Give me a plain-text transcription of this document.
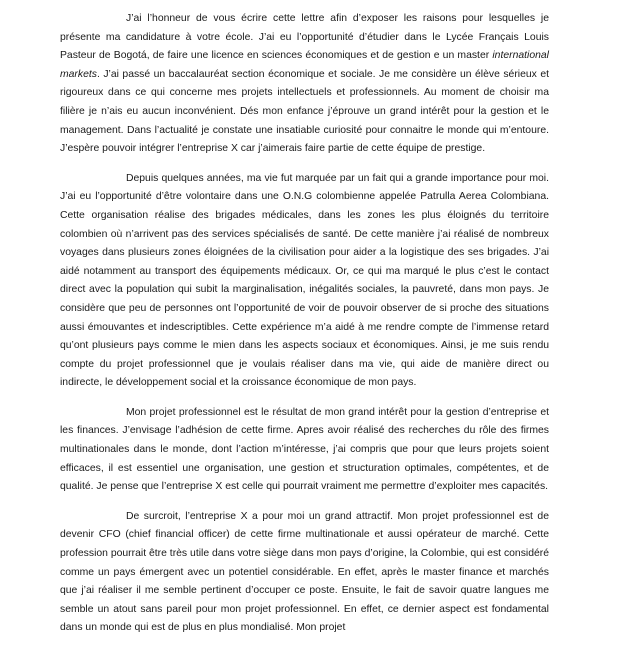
J’ai l’honneur de vous écrire cette lettre afin d’exposer les raisons pour lesquelles je présente ma candidature à votre école. J’ai eu l’opportunité d’étudier dans le Lycée Français Louis Pasteur de Bogotá, de faire une licence en sciences économiques et de gestion e un master international markets. J’ai passé un baccalauréat section économique et sociale. Je me considère un élève sérieux et rigoureux dans ce qui concerne mes projets intellectuels et professionnels. Au moment de choisir ma filière je n’ais eu aucun inconvénient. Dés mon enfance j’éprouve un grand intérêt pour la gestion et le management. Dans l’actualité je constate une insatiable curiosité pour connaitre le monde qui m’entoure. J’espère pouvoir intégrer l’entreprise X car j’aimerais faire partie de cette équipe de prestige.

Depuis quelques années, ma vie fut marquée par un fait qui a grande importance pour moi. J’ai eu l’opportunité d’être volontaire dans une O.N.G colombienne appelée Patrulla Aerea Colombiana. Cette organisation réalise des brigades médicales, dans les zones les plus éloignés du territoire colombien où n’arrivent pas des services spécialisés de santé. De cette manière j’ai réalisé de nombreux voyages dans plusieurs zones éloignées de la civilisation pour aider a la logistique des ses brigades. J’ai aidé notamment au transport des équipements médicaux. Or, ce qui ma marqué le plus c’est le contact direct avec la population qui subit la marginalisation, inégalités sociales, la pauvreté, dans mon pays. Je considère que peu de personnes ont l’opportunité de voir de pouvoir observer de si proche des situations aussi émouvantes et indescriptibles. Cette expérience m’a aidé à me rendre compte de l’immense retard qu’ont plusieurs pays comme le mien dans les aspects sociaux et économiques. Ainsi, je me suis rendu compte du projet professionnel que je voulais réaliser dans ma vie, qui aide de manière direct ou indirecte, le développement social et la croissance économique de mon pays.

Mon projet professionnel est le résultat de mon grand intérêt pour la gestion d’entreprise et les finances. J’envisage l’adhésion de cette firme. Apres avoir réalisé des recherches du rôle des firmes multinationales dans le monde, dont l’action m’intéresse, j’ai compris que pour que leurs projets soient efficaces, il est essentiel une organisation, une gestion et structuration optimales, compétentes, et de qualité. Je pense que l’entreprise X est celle qui pourrait vraiment me permettre d’exploiter mes capacités.

De surcroit, l’entreprise X a pour moi un grand attractif. Mon projet professionnel est de devenir CFO (chief financial officer) de cette firme multinationale et aussi opérateur de marché. Cette profession pourrait être très utile dans votre siège dans mon pays d’origine, la Colombie, qui est considéré comme un pays émergent avec un potentiel considérable. En effet, après le master finance et marchés que j’ai réaliser il me semble pertinent d’occuper ce poste. Ensuite, le fait de savoir quatre langues me semble un atout sans pareil pour mon projet professionnel. En effet, ce dernier aspect est fondamental dans un monde qui est de plus en plus mondialisé. Mon projet
